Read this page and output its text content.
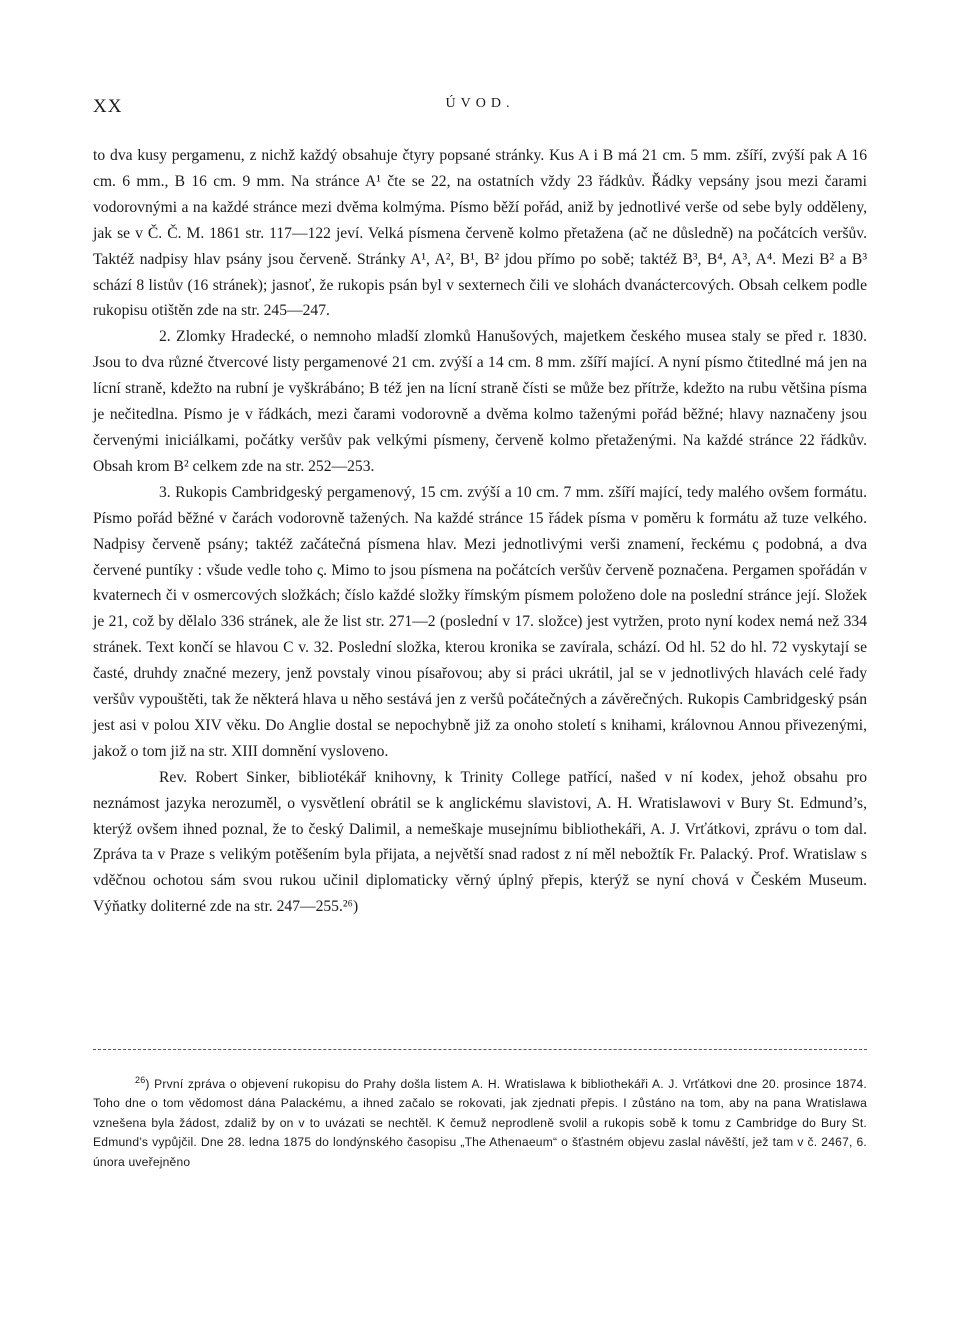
XX	ÚVOD.

to dva kusy pergamenu, z nichž každý obsahuje čtyry popsané stránky. Kus A i B má 21 cm. 5 mm. zšíří, zvýší pak A 16 cm. 6 mm., B 16 cm. 9 mm. Na stránce A¹ čte se 22, na ostatních vždy 23 řádkův. Řádky vepsány jsou mezi čarami vodorovnými a na každé stránce mezi dvěma kolmýma. Písmo běží pořád, aniž by jednotlivé verše od sebe byly odděleny, jak se v Č. Č. M. 1861 str. 117—122 jeví. Velká písmena červeně kolmo přetažena (ač ne důsledně) na počátcích veršův. Taktéž nadpisy hlav psány jsou červeně. Stránky A¹, A², B¹, B² jdou přímo po sobě; taktéž B³, B⁴, A³, A⁴. Mezi B² a B³ schází 8 listův (16 stránek); jasnoť, že rukopis psán byl v sexternech čili ve slohách dvanáctercových. Obsah celkem podle rukopisu otištěn zde na str. 245—247.

2. Zlomky Hradecké, o nemnoho mladší zlomků Hanušových, majetkem českého musea staly se před r. 1830. Jsou to dva různé čtvercové listy pergamenové 21 cm. zvýší a 14 cm. 8 mm. zšíří mající. A nyní písmo čtitedlné má jen na lícní straně, kdežto na rubní je vyškrábáno; B též jen na lícní straně čísti se může bez přítrže, kdežto na rubu většina písma je nečitedlna. Písmo je v řádkách, mezi čarami vodorovně a dvěma kolmo taženými pořád běžné; hlavy naznačeny jsou červenými iniciálkami, počátky veršův pak velkými písmeny, červeně kolmo přetaženými. Na každé stránce 22 řádkův. Obsah krom B² celkem zde na str. 252—253.

3. Rukopis Cambridgeský pergamenový, 15 cm. zvýší a 10 cm. 7 mm. zšíří mající, tedy malého ovšem formátu. Písmo pořád běžné v čarách vodorovně tažených. Na každé stránce 15 řádek písma v poměru k formátu až tuze velkého. Nadpisy červeně psány; taktéž začátečná písmena hlav. Mezi jednotlivými verši znamení, řeckému ς podobná, a dva červené puntíky : všude vedle toho ς. Mimo to jsou písmena na počátcích veršův červeně poznačena. Pergamen spořádán v kvaternech či v osmercových složkách; číslo každé složky římským písmem položeno dole na poslední stránce její. Složek je 21, což by dělalo 336 stránek, ale že list str. 271—2 (poslední v 17. složce) jest vytržen, proto nyní kodex nemá než 334 stránek. Text končí se hlavou C v. 32. Poslední složka, kterou kronika se zavírala, schází. Od hl. 52 do hl. 72 vyskytají se časté, druhdy značné mezery, jenž povstaly vinou písařovou; aby si práci ukrátil, jal se v jednotlivých hlavách celé řady veršův vypouštěti, tak že některá hlava u něho sestává jen z veršů počátečných a závěrečných. Rukopis Cambridgeský psán jest asi v polou XIV věku. Do Anglie dostal se nepochybně již za onoho století s knihami, královnou Annou přivezenými, jakož o tom již na str. XIII domnění vysloveno.

Rev. Robert Sinker, bibliotékář knihovny, k Trinity College patřící, našed v ní kodex, jehož obsahu pro neznámost jazyka nerozuměl, o vysvětlení obrátil se k anglickému slavistovi, A. H. Wratislawovi v Bury St. Edmund’s, kterýž ovšem ihned poznal, že to český Dalimil, a nemeškaje musejnímu bibliothekáři, A. J. Vrťátkovi, zprávu o tom dal. Zpráva ta v Praze s velikým potěšením byla přijata, a největší snad radost z ní měl nebožtík Fr. Palacký. Prof. Wratislaw s vděčnou ochotou sám svou rukou učinil diplomaticky věrný úplný přepis, kterýž se nyní chová v Českém Museum. Výňatky doliterné zde na str. 247—255.²⁶)

$^{26}$) První zpráva o objevení rukopisu do Prahy došla listem A. H. Wratislawa k bibliothekáři A. J. Vrťátkovi dne 20. prosince 1874. Toho dne o tom vědomost dána Palackému, a ihned začalo se rokovati, jak zjednati přepis. I zůstáno na tom, aby na pana Wratislawa vznešena byla žádost, zdaliž by on v to uvázati se nechtěl. K čemuž neprodleně svolil a rukopis sobě k tomu z Cambridge do Bury St. Edmund’s vypůjčil. Dne 28. ledna 1875 do londýnského časopisu „The Athenaeum“ o šťastném objevu zaslal návěští, jež tam v č. 2467, 6. února uveřejněno
